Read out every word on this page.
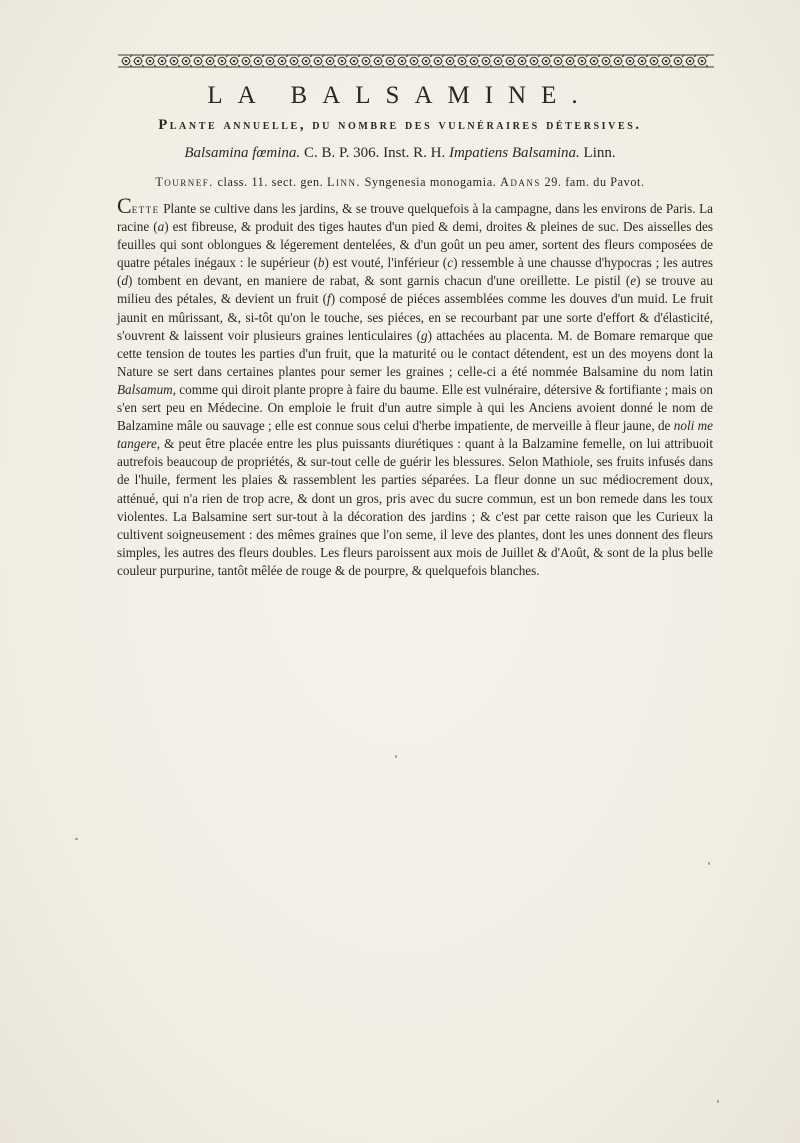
LA BALSAMINE.
Plante annuelle, du nombre des vulnéraires détersives.
Balsamina fœmina. C. B. P. 306. Inst. R. H. Impatiens Balsamina. Linn.
Tournef. class. 11. sect. gen. Linn. Syngenesia monogamia. Adans 29. fam. du Pavot.

Cette Plante se cultive dans les jardins, & se trouve quelquefois à la campagne, dans les environs de Paris. La racine (a) est fibreuse, & produit des tiges hautes d'un pied & demi, droites & pleines de suc. Des aisselles des feuilles qui sont oblongues & légerement dentelées, & d'un goût un peu amer, sortent des fleurs composées de quatre pétales inégaux : le supérieur (b) est vouté, l'inférieur (c) ressemble à une chausse d'hypocras ; les autres (d) tombent en devant, en maniere de rabat, & sont garnis chacun d'une oreillette. Le pistil (e) se trouve au milieu des pétales, & devient un fruit (f) composé de piéces assemblées comme les douves d'un muid. Le fruit jaunit en mûrissant, &, si-tôt qu'on le touche, ses piéces, en se recourbant par une sorte d'effort & d'élasticité, s'ouvrent & laissent voir plusieurs graines lenticulaires (g) attachées au placenta. M. de Bomare remarque que cette tension de toutes les parties d'un fruit, que la maturité ou le contact détendent, est un des moyens dont la Nature se sert dans certaines plantes pour semer les graines ; celle-ci a été nommée Balsamine du nom latin Balsamum, comme qui diroit plante propre à faire du baume. Elle est vulnéraire, détersive & fortifiante ; mais on s'en sert peu en Médecine. On emploie le fruit d'un autre simple à qui les Anciens avoient donné le nom de Balzamine mâle ou sauvage ; elle est connue sous celui d'herbe impatiente, de merveille à fleur jaune, de noli me tangere, & peut être placée entre les plus puissants diurétiques : quant à la Balzamine femelle, on lui attribuoit autrefois beaucoup de propriétés, & sur-tout celle de guérir les blessures. Selon Mathiole, ses fruits infusés dans de l'huile, ferment les plaies & rassemblent les parties séparées. La fleur donne un suc médiocrement doux, atténué, qui n'a rien de trop acre, & dont un gros, pris avec du sucre commun, est un bon remede dans les toux violentes. La Balsamine sert sur-tout à la décoration des jardins ; & c'est par cette raison que les Curieux la cultivent soigneusement : des mêmes graines que l'on seme, il leve des plantes, dont les unes donnent des fleurs simples, les autres des fleurs doubles. Les fleurs paroissent aux mois de Juillet & d'Août, & sont de la plus belle couleur purpurine, tantôt mêlée de rouge & de pourpre, & quelquefois blanches.
